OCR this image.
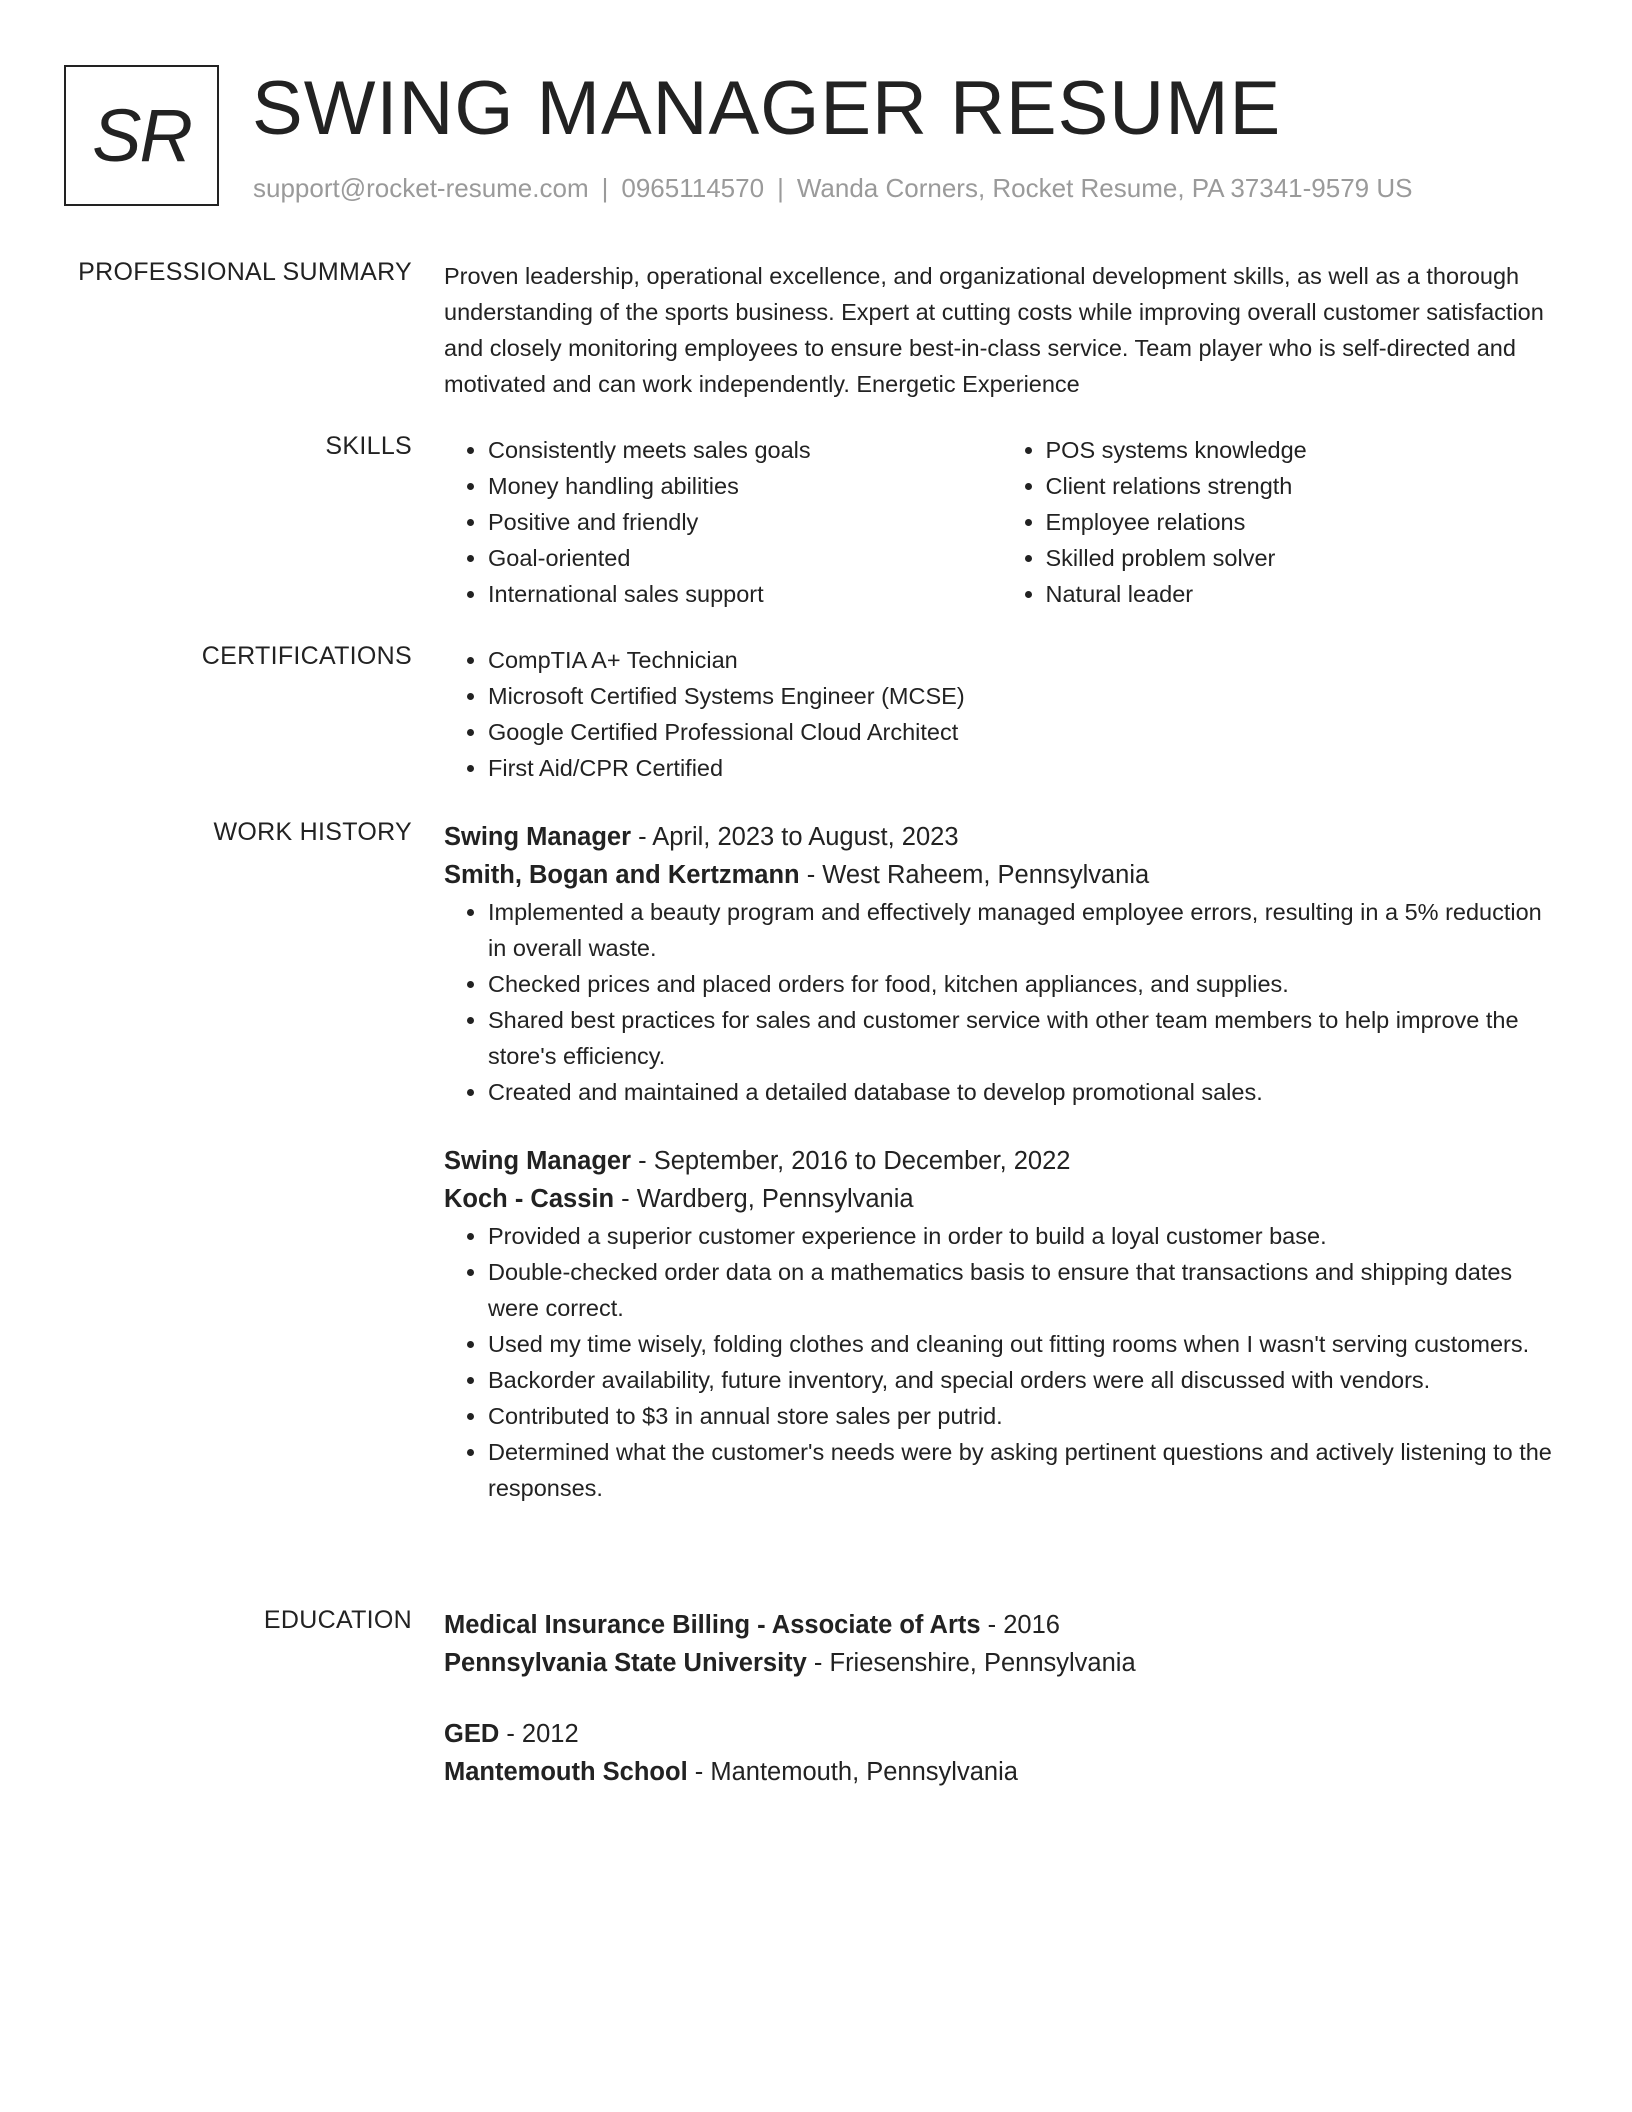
SR SWING MANAGER RESUME
support@rocket-resume.com | 0965114570 | Wanda Corners, Rocket Resume, PA 37341-9579 US
PROFESSIONAL SUMMARY Proven leadership, operational excellence, and organizational development skills, as well as a thorough understanding of the sports business. Expert at cutting costs while improving overall customer satisfaction and closely monitoring employees to ensure best-in-class service. Team player who is self-directed and motivated and can work independently. Energetic Experience

SKILLS	• Consistently meets sales goals
• Money handling abilities
• Positive and friendly
• Goal-oriented
• International sales support
• POS systems knowledge
• Client relations strength
• Employee relations
• Skilled problem solver
• Natural leader
CERTIFICATIONS	• CompTIA A+ Technician
• Microsoft Certified Systems Engineer (MCSE)
• Google Certified Professional Cloud Architect
• First Aid/CPR Certified
WORK HISTORY Swing Manager - April, 2023 to August, 2023
Smith, Bogan and Kertzmann - West Raheem, Pennsylvania
• Implemented a beauty program and effectively managed employee errors, resulting in a 5% reduction in overall waste.
• Checked prices and placed orders for food, kitchen appliances, and supplies.
• Shared best practices for sales and customer service with other team members to help improve the store's efficiency.
• Created and maintained a detailed database to develop promotional sales.
Swing Manager - September, 2016 to December, 2022
Koch - Cassin - Wardberg, Pennsylvania
• Provided a superior customer experience in order to build a loyal customer base.
• Double-checked order data on a mathematics basis to ensure that transactions and shipping dates were correct.
• Used my time wisely, folding clothes and cleaning out fitting rooms when I wasn't serving customers.
• Backorder availability, future inventory, and special orders were all discussed with vendors.
• Contributed to $3 in annual store sales per putrid.
• Determined what the customer's needs were by asking pertinent questions and actively listening to the responses.
EDUCATION Medical Insurance Billing - Associate of Arts - 2016
Pennsylvania State University - Friesenshire, Pennsylvania
GED - 2012
Mantemouth School - Mantemouth, Pennsylvania
